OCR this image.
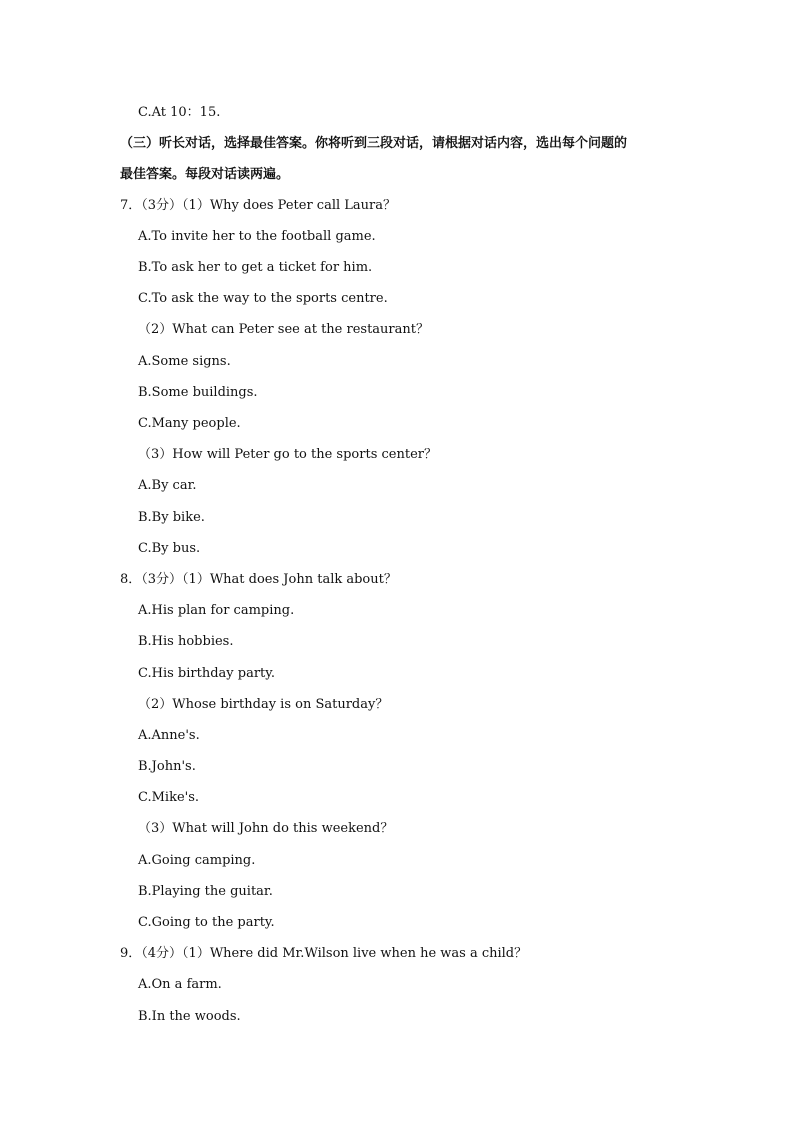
C.At 10：15.
（三）听长对话，选择最佳答案。你将听到三段对话，请根据对话内容，选出每个问题的
最佳答案。每段对话读两遍。
7．（3分）（1）Why does Peter call Laura？
A.To invite her to the football game.
B.To ask her to get a ticket for him.
C.To ask the way to the sports centre.
（2）What can Peter see at the restaurant？
A.Some signs.
B.Some buildings.
C.Many people.
（3）How will Peter go to the sports center？
A.By car.
B.By bike.
C.By bus.
8．（3分）（1）What does John talk about？
A.His plan for camping.
B.His hobbies.
C.His birthday party.
（2）Whose birthday is on Saturday？
A.Anne's.
B.John's.
C.Mike's.
（3）What will John do this weekend？
A.Going camping.
B.Playing the guitar.
C.Going to the party.
9．（4分）（1）Where did Mr.Wilson live when he was a child？
A.On a farm.
B.In the woods.
